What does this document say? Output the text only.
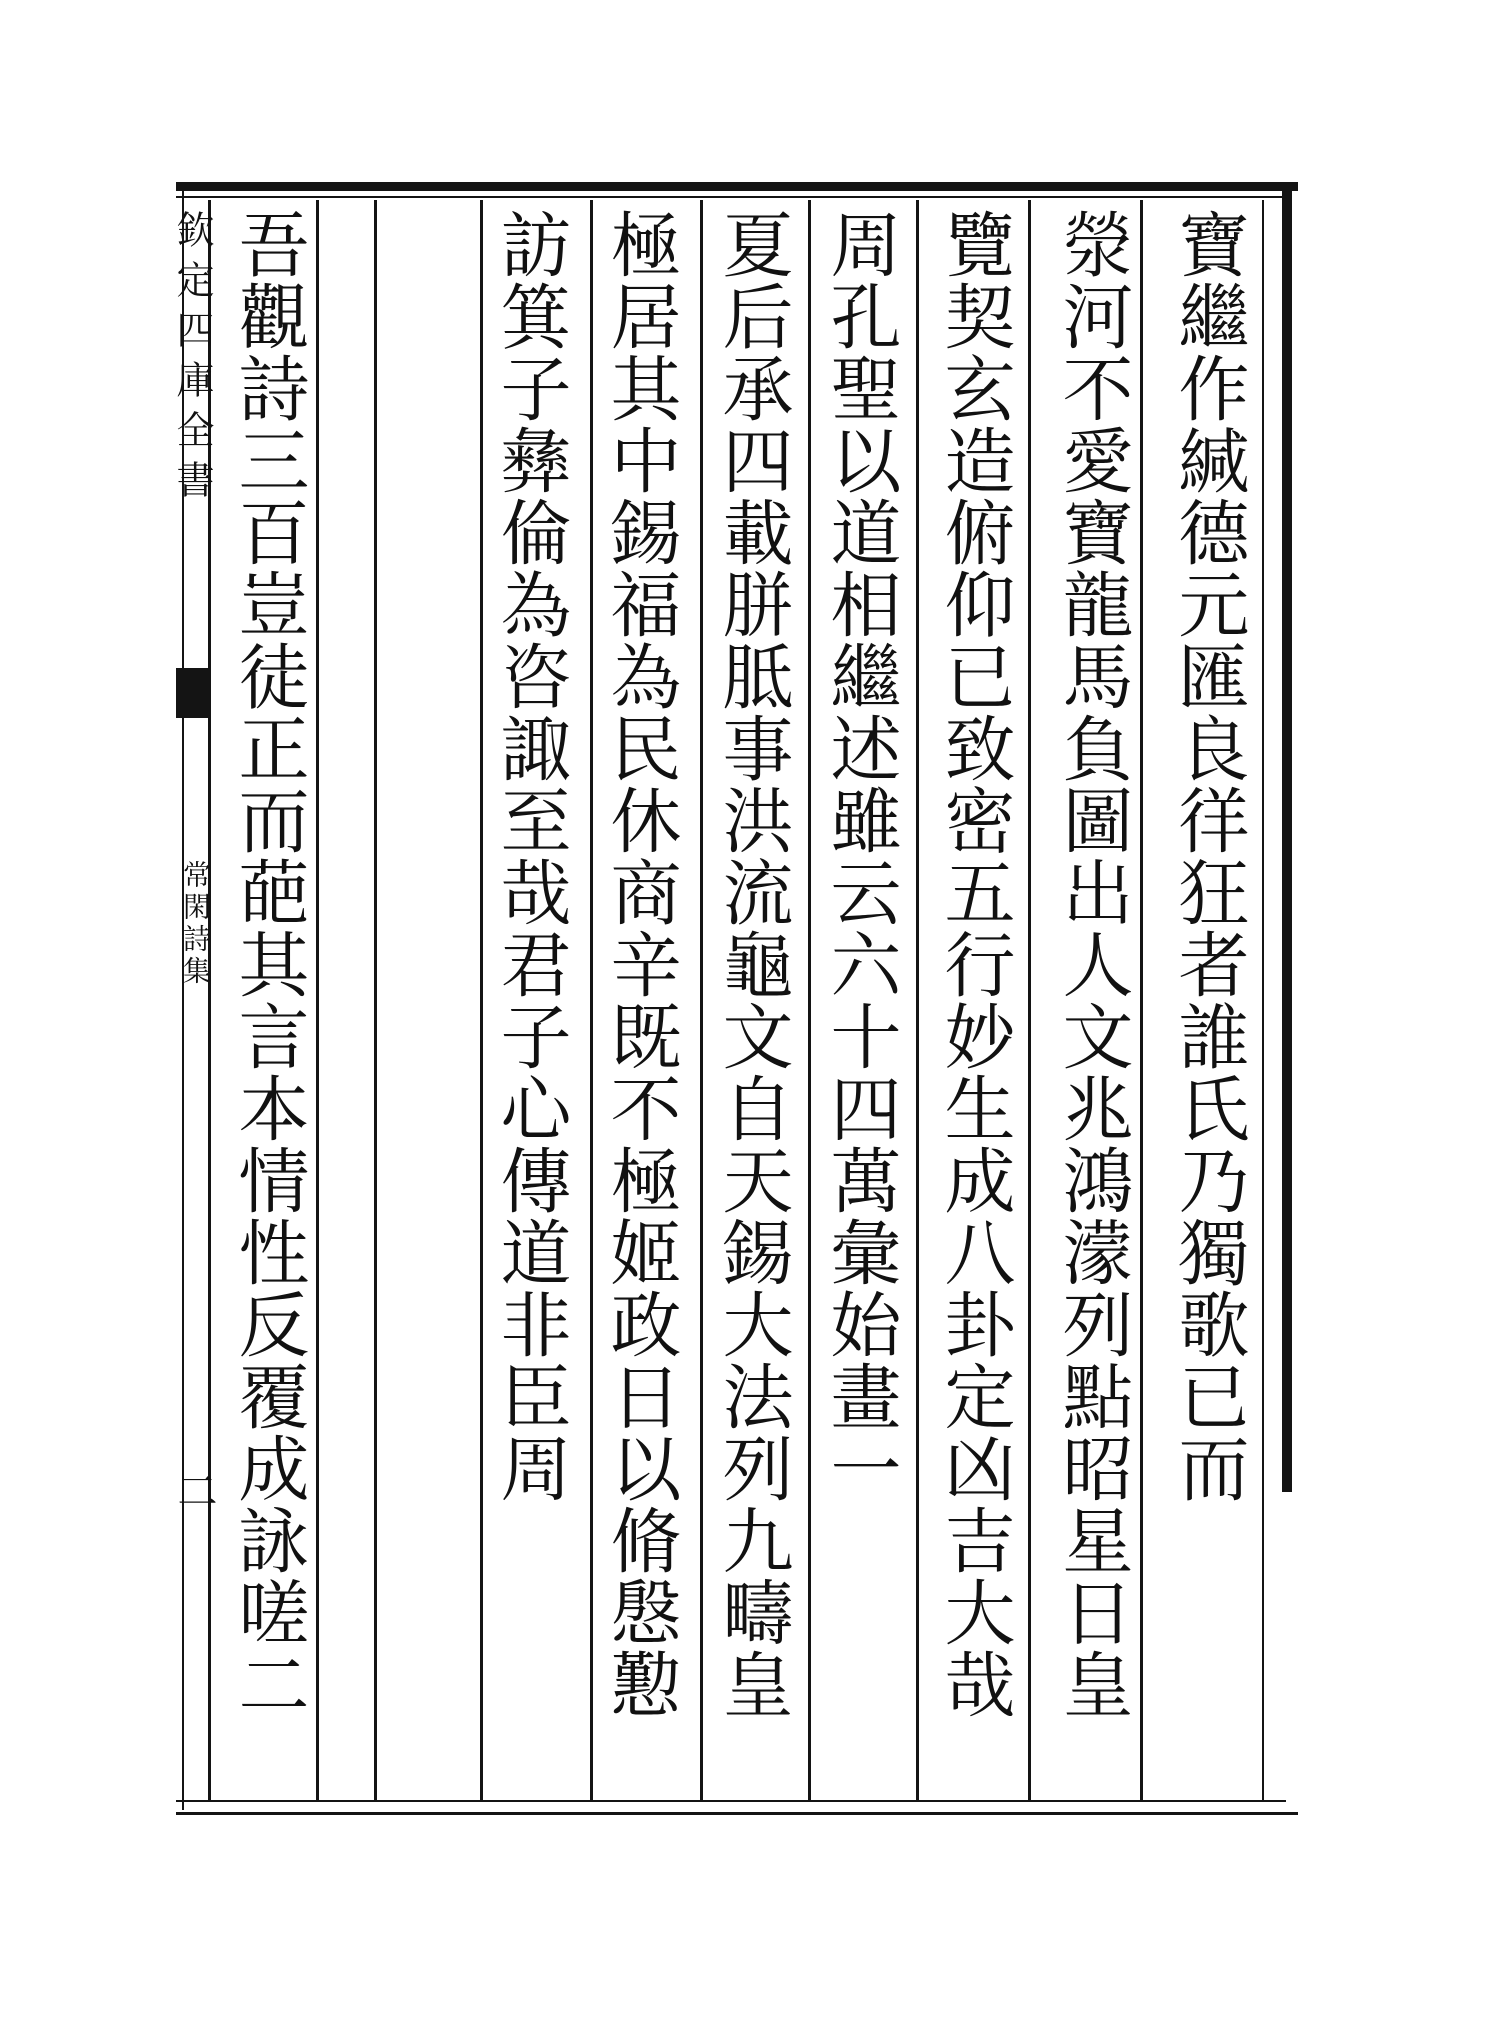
欽定四庫全書
常閑詩集
二	寶繼作緘德元匯良徉狂者誰氏乃獨歌已而
滎河不愛寶龍馬負圖出人文兆鴻濛列點昭星日皇
覽契玄造俯仰已致密五行妙生成八卦定凶吉大哉
周孔聖以道相繼述雖云六十四萬彙始畫一
夏后承四載胼胝事洪流龜文自天錫大法列九疇皇
極居其中錫福為民休商辛既不極姬政日以脩慇懃
訪箕子彝倫為咨諏至哉君子心傳道非臣周
吾觀詩三百豈徒正而葩其言本情性反覆成詠嗟二
